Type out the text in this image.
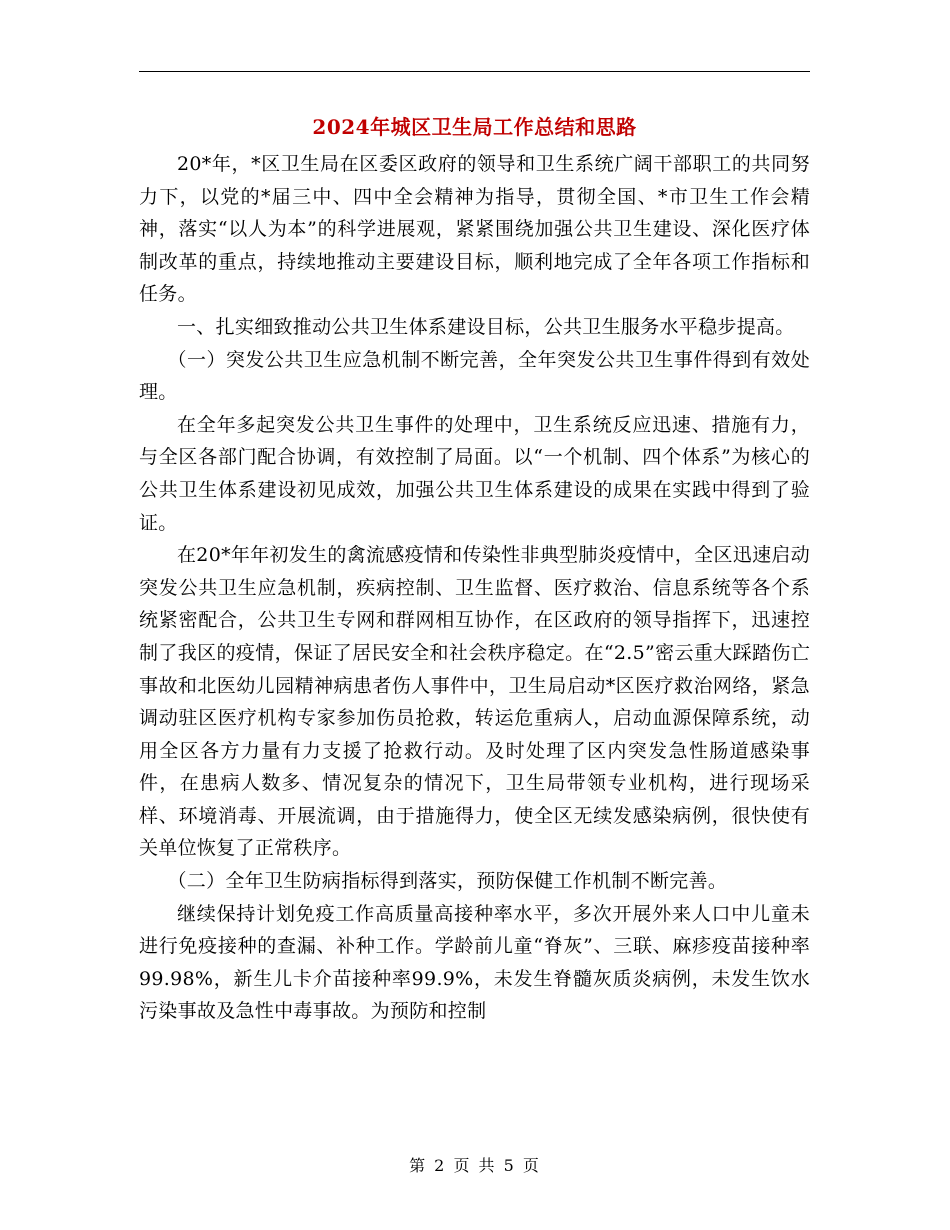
2024年城区卫生局工作总结和思路

20*年，*区卫生局在区委区政府的领导和卫生系统广阔干部职工的共同努力下，以党的*届三中、四中全会精神为指导，贯彻全国、*市卫生工作会精神，落实“以人为本”的科学进展观，紧紧围绕加强公共卫生建设、深化医疗体制改革的重点，持续地推动主要建设目标，顺利地完成了全年各项工作指标和任务。

一、扎实细致推动公共卫生体系建设目标，公共卫生服务水平稳步提高。

（一）突发公共卫生应急机制不断完善，全年突发公共卫生事件得到有效处理。

在全年多起突发公共卫生事件的处理中，卫生系统反应迅速、措施有力，与全区各部门配合协调，有效控制了局面。以“一个机制、四个体系”为核心的公共卫生体系建设初见成效，加强公共卫生体系建设的成果在实践中得到了验证。

在20*年年初发生的禽流感疫情和传染性非典型肺炎疫情中，全区迅速启动突发公共卫生应急机制，疾病控制、卫生监督、医疗救治、信息系统等各个系统紧密配合，公共卫生专网和群网相互协作，在区政府的领导指挥下，迅速控制了我区的疫情，保证了居民安全和社会秩序稳定。在“2.5”密云重大踩踏伤亡事故和北医幼儿园精神病患者伤人事件中，卫生局启动*区医疗救治网络，紧急调动驻区医疗机构专家参加伤员抢救，转运危重病人，启动血源保障系统，动用全区各方力量有力支援了抢救行动。及时处理了区内突发急性肠道感染事件，在患病人数多、情况复杂的情况下，卫生局带领专业机构，进行现场采样、环境消毒、开展流调，由于措施得力，使全区无续发感染病例，很快使有关单位恢复了正常秩序。

（二）全年卫生防病指标得到落实，预防保健工作机制不断完善。

继续保持计划免疫工作高质量高接种率水平，多次开展外来人口中儿童未进行免疫接种的查漏、补种工作。学龄前儿童“脊灰”、三联、麻疹疫苗接种率99.98%，新生儿卡介苗接种率99.9%，未发生脊髓灰质炎病例，未发生饮水污染事故及急性中毒事故。为预防和控制

第 2 页 共 5 页
